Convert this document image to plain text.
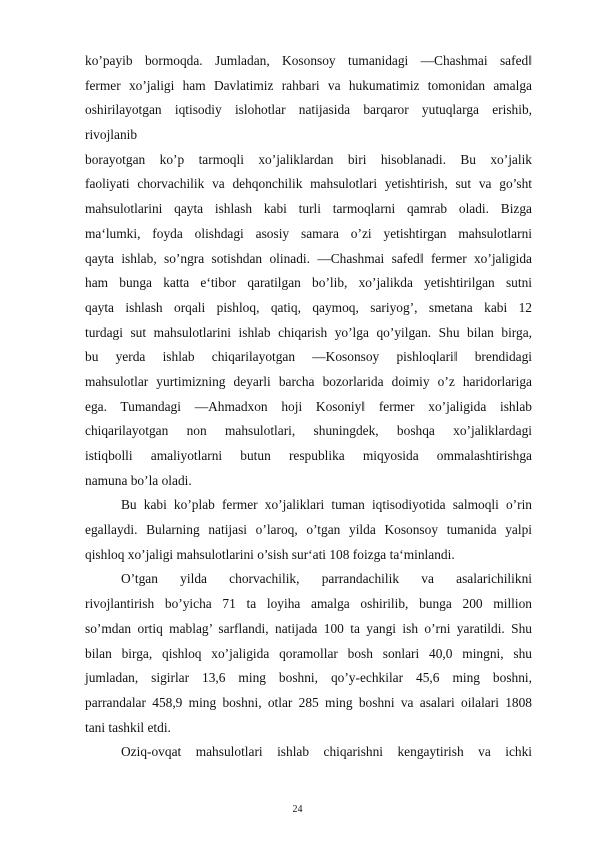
ko’payib bormoqda. Jumladan, Kosonsoy tumanidagi ―Chashmai safed‖
fermer xo’jaligi ham Davlatimiz rahbari va hukumatimiz tomonidan amalga
oshirilayotgan iqtisodiy islohotlar natijasida barqaror yutuqlarga erishib,
rivojlanib
borayotgan ko’p tarmoqli xo’jaliklardan biri hisoblanadi. Bu xo’jalik
faoliyati chorvachilik va dehqonchilik mahsulotlari yetishtirish, sut va go’sht
mahsulotlarini qayta ishlash kabi turli tarmoqlarni qamrab oladi. Bizga
ma‘lumki, foyda olishdagi asosiy samara o’zi yetishtirgan mahsulotlarni
qayta ishlab, so’ngra sotishdan olinadi. ―Chashmai safed‖ fermer xo’jaligida
ham bunga katta e‘tibor qaratilgan bo’lib, xo’jalikda yetishtirilgan sutni
qayta ishlash orqali pishloq, qatiq, qaymoq, sariyog’, smetana kabi 12
turdagi sut mahsulotlarini ishlab chiqarish yo’lga qo’yilgan. Shu bilan birga,
bu yerda ishlab chiqarilayotgan ―Kosonsoy pishloqlari‖ brendidagi
mahsulotlar yurtimizning deyarli barcha bozorlarida doimiy o’z haridorlariga
ega. Tumandagi ―Ahmadxon hoji Kosoniy‖ fermer xo’jaligida ishlab
chiqarilayotgan non mahsulotlari, shuningdek, boshqa xo’jaliklardagi
istiqbolli amaliyotlarni butun respublika miqyosida ommalashtirishga
namuna bo’la oladi.
Bu kabi ko’plab fermer xo’jaliklari tuman iqtisodiyotida salmoqli o’rin
egallaydi. Bularning natijasi o’laroq, o’tgan yilda Kosonsoy tumanida yalpi
qishloq xo’jaligi mahsulotlarini o’sish sur‘ati 108 foizga ta‘minlandi.
O’tgan yilda chorvachilik, parrandachilik va asalarichilikni
rivojlantirish bo’yicha 71 ta loyiha amalga oshirilib, bunga 200 million
so’mdan ortiq mablag’ sarflandi, natijada 100 ta yangi ish o’rni yaratildi. Shu
bilan birga, qishloq xo’jaligida qoramollar bosh sonlari 40,0 mingni, shu
jumladan, sigirlar 13,6 ming boshni, qo’y-echkilar 45,6 ming boshni,
parrandalar 458,9 ming boshni, otlar 285 ming boshni va asalari oilalari 1808
tani tashkil etdi.
Oziq-ovqat mahsulotlari ishlab chiqarishni kengaytirish va ichki
24
